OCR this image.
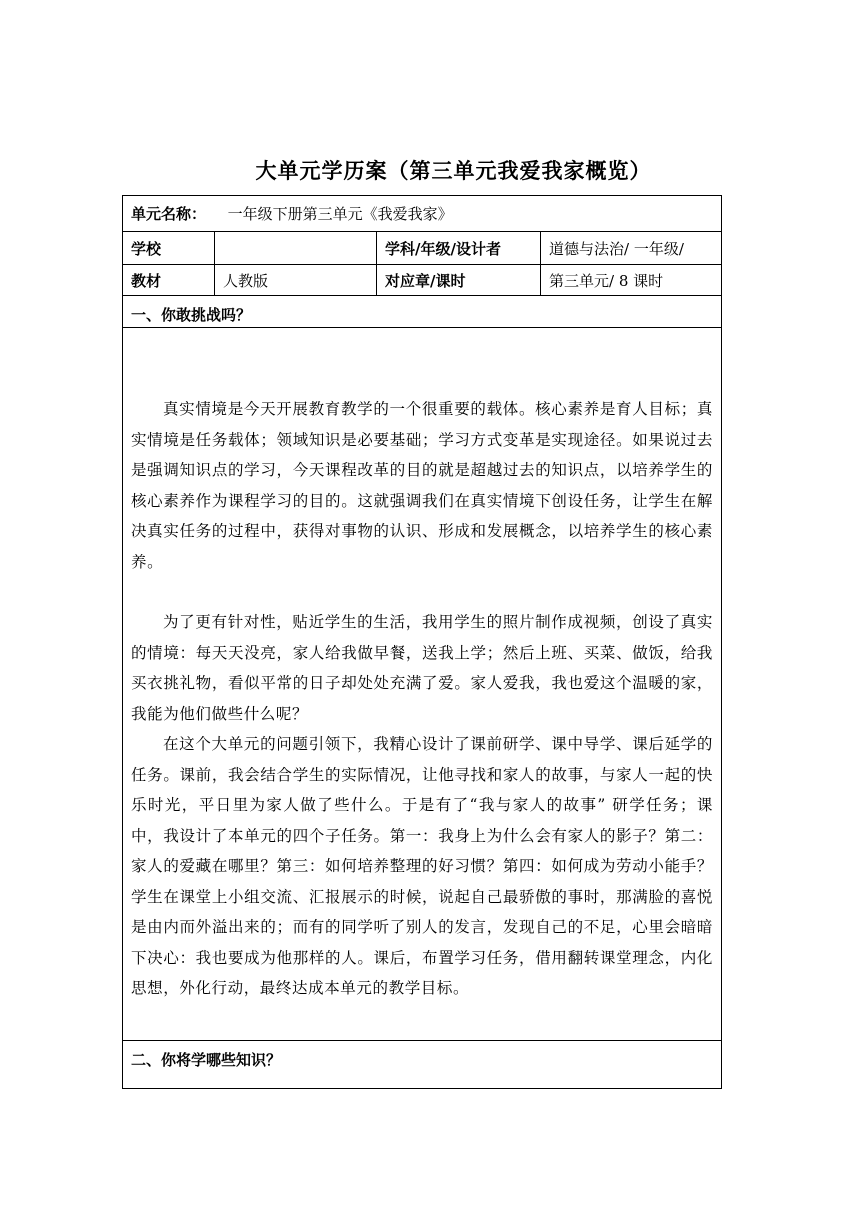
大单元学历案（第三单元我爱我家概览）
单元名称： 一年级下册第三单元《我爱我家》			
学校		学科/年级/设计者	道德与法治/ 一年级/
教材	人教版	对应章/课时	第三单元/ 8 课时
一、你敢挑战吗？			

真实情境是今天开展教育教学的一个很重要的载体。核心素养是育人目标；真实情境是任务载体；领域知识是必要基础；学习方式变革是实现途径。如果说过去是强调知识点的学习，今天课程改革的目的就是超越过去的知识点，以培养学生的核心素养作为课程学习的目的。这就强调我们在真实情境下创设任务，让学生在解决真实任务的过程中，获得对事物的认识、形成和发展概念，以培养学生的核心素养。

为了更有针对性，贴近学生的生活，我用学生的照片制作成视频，创设了真实的情境：每天天没亮，家人给我做早餐，送我上学；然后上班、买菜、做饭，给我买衣挑礼物，看似平常的日子却处处充满了爱。家人爱我，我也爱这个温暖的家，我能为他们做些什么呢？

在这个大单元的问题引领下，我精心设计了课前研学、课中导学、课后延学的任务。课前，我会结合学生的实际情况，让他寻找和家人的故事，与家人一起的快乐时光，平日里为家人做了些什么。于是有了“我与家人的故事” 研学任务；课中，我设计了本单元的四个子任务。第一：我身上为什么会有家人的影子？第二：家人的爱藏在哪里？第三：如何培养整理的好习惯？第四：如何成为劳动小能手？学生在课堂上小组交流、汇报展示的时候，说起自己最骄傲的事时，那满脸的喜悦是由内而外溢出来的；而有的同学听了别人的发言，发现自己的不足，心里会暗暗下决心：我也要成为他那样的人。课后，布置学习任务，借用翻转课堂理念，内化思想，外化行动，最终达成本单元的教学目标。			

二、你将学哪些知识？			
